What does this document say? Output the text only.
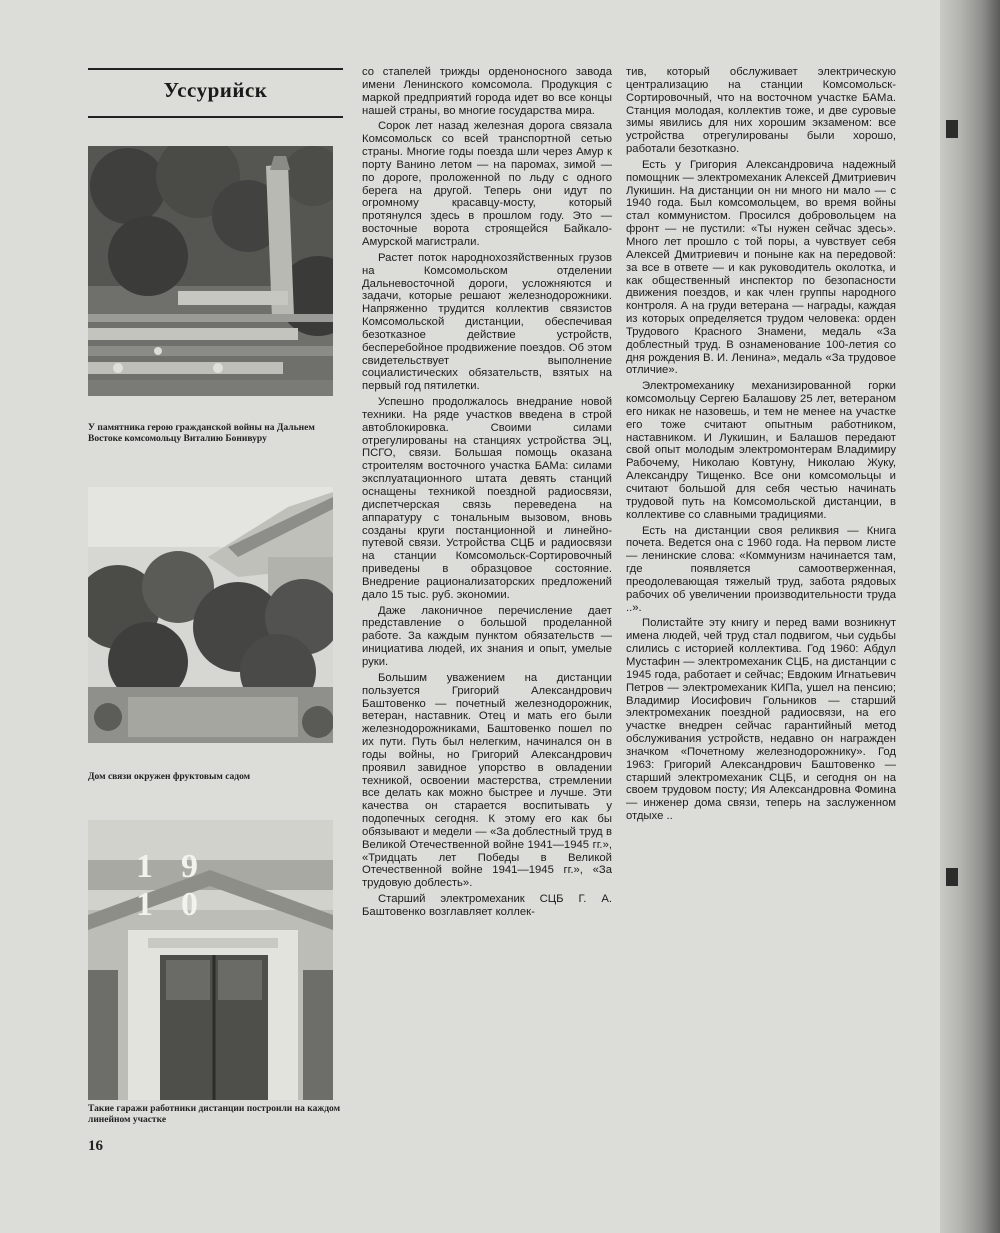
Уссурийск
У памятника герою гражданской войны на Дальнем Востоке комсомольцу Виталию Бонивуру
Дом связи окружен фруктовым садом
19 10
Такие гаражи работники дистанции построили на каждом линейном участке

со стапелей трижды орденоносного завода имени Ленинского комсомола. Продукция с маркой предприятий города идет во все концы нашей страны, во многие государства мира.

Сорок лет назад железная дорога связала Комсомольск со всей транспортной сетью страны. Многие годы поезда шли через Амур к порту Ванино летом — на паромах, зимой — по дороге, проложенной по льду с одного берега на другой. Теперь они идут по огромному красавцу-мосту, который протянулся здесь в прошлом году. Это — восточные ворота строящейся Байкало-Амурской магистрали.

Растет поток народнохозяйственных грузов на Комсомольском отделении Дальневосточной дороги, усложняются и задачи, которые решают железнодорожники. Напряженно трудится коллектив связистов Комсомольской дистанции, обеспечивая безотказное действие устройств, бесперебойное продвижение поездов. Об этом свидетельствует выполнение социалистических обязательств, взятых на первый год пятилетки.

Успешно продолжалось внедрание новой техники. На ряде участков введена в строй автоблокировка. Своими силами отрегулированы на станциях устройства ЭЦ, ПСГО, связи. Большая помощь оказана строителям восточного участка БАМа: силами эксплуатационного штата девять станций оснащены техникой поездной радиосвязи, диспетчерская связь переведена на аппаратуру с тональным вызовом, вновь созданы круги постанционной и линейно-путевой связи. Устройства СЦБ и радиосвязи на станции Комсомольск-Сортировочный приведены в образцовое состояние. Внедрение рационализаторских предложений дало 15 тыс. руб. экономии.

Даже лаконичное перечисление дает представление о большой проделанной работе. За каждым пунктом обязательств — инициатива людей, их знания и опыт, умелые руки.

Большим уважением на дистанции пользуется Григорий Александрович Баштовенко — почетный железнодорожник, ветеран, наставник. Отец и мать его были железнодорожниками, Баштовенко пошел по их пути. Путь был нелегким, начинался он в годы войны, но Григорий Александрович проявил завидное упорство в овладении техникой, освоении мастерства, стремлении все делать как можно быстрее и лучше. Эти качества он старается воспитывать у подопечных сегодня. К этому его как бы обязывают и медели — «За доблестный труд в Великой Отечественной войне 1941—1945 гг.», «Тридцать лет Победы в Великой Отечественной войне 1941—1945 гг.», «За трудовую доблесть».

Старший электромеханик СЦБ Г. А. Баштовенко возглавляет коллек-

тив, который обслуживает электрическую централизацию на станции Комсомольск-Сортировочный, что на восточном участке БАМа. Станция молодая, коллектив тоже, и две суровые зимы явились для них хорошим экзаменом: все устройства отрегулированы были хорошо, работали безотказно.

Есть у Григория Александровича надежный помощник — электромеханик Алексей Дмитриевич Лукишин. На дистанции он ни много ни мало — с 1940 года. Был комсомольцем, во время войны стал коммунистом. Просился добровольцем на фронт — не пустили: «Ты нужен сейчас здесь». Много лет прошло с той поры, а чувствует себя Алексей Дмитриевич и поныне как на передовой: за все в ответе — и как руководитель околотка, и как общественный инспектор по безопасности движения поездов, и как член группы народного контроля. А на груди ветерана — награды, каждая из которых определяется трудом человека: орден Трудового Красного Знамени, медаль «За доблестный труд. В ознаменование 100-летия со дня рождения В. И. Ленина», медаль «За трудовое отличие».

Электромеханику механизированной горки комсомольцу Сергею Балашову 25 лет, ветераном его никак не назовешь, и тем не менее на участке его тоже считают опытным работником, наставником. И Лукишин, и Балашов передают свой опыт молодым электромонтерам Владимиру Рабочему, Николаю Ковтуну, Николаю Жуку, Александру Тищенко. Все они комсомольцы и считают большой для себя честью начинать трудовой путь на Комсомольской дистанции, в коллективе со славными традициями.

Есть на дистанции своя реликвия — Книга почета. Ведется она с 1960 года. На первом листе — ленинские слова: «Коммунизм начинается там, где появляется самоотверженная, преодолевающая тяжелый труд, забота рядовых рабочих об увеличении производительности труда ..».

Полистайте эту книгу и перед вами возникнут имена людей, чей труд стал подвигом, чьи судьбы слились с историей коллектива. Год 1960: Абдул Мустафин — электромеханик СЦБ, на дистанции с 1945 года, работает и сейчас; Евдоким Игнатьевич Петров — электромеханик КИПа, ушел на пенсию; Владимир Иосифович Гольников — старший электромеханик поездной радиосвязи, на его участке внедрен сейчас гарантийный метод обслуживания устройств, недавно он награжден значком «Почетному железнодорожнику». Год 1963: Григорий Александрович Баштовенко — старший электромеханик СЦБ, и сегодня он на своем трудовом посту; Ия Александровна Фомина — инженер дома связи, теперь на заслуженном отдыхе ..

16
